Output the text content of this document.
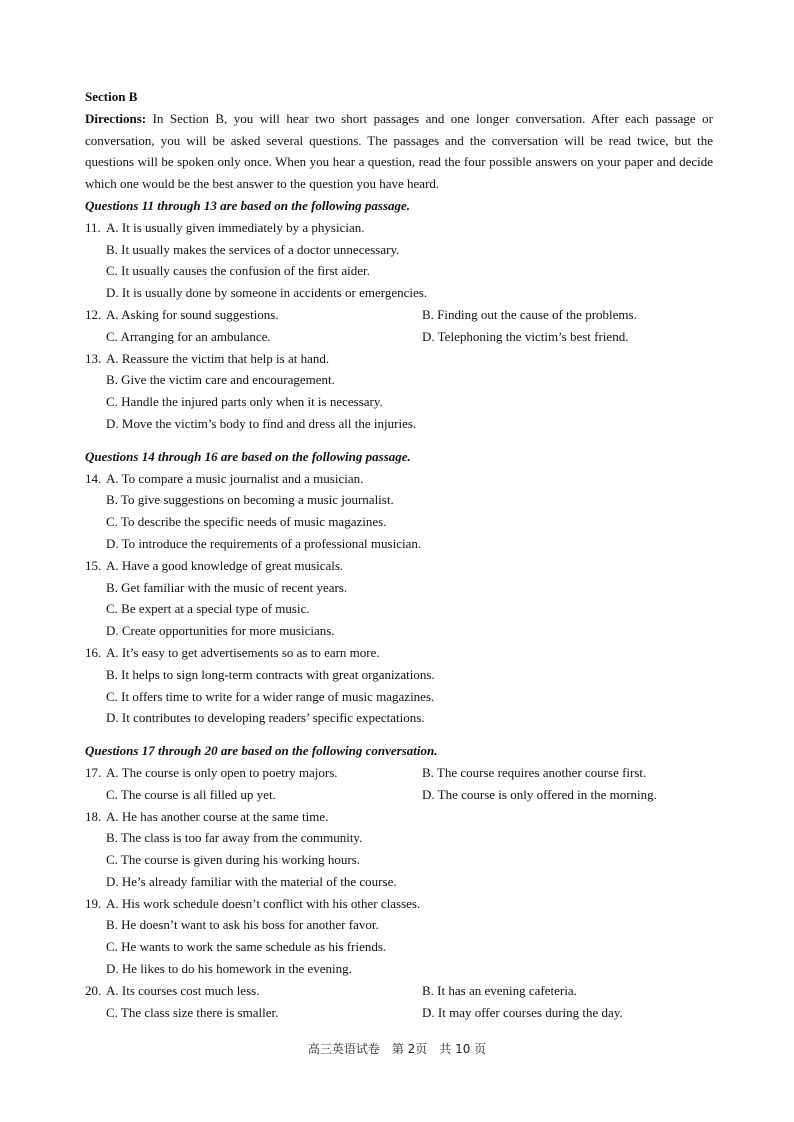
Section B
Directions: In Section B, you will hear two short passages and one longer conversation. After each passage or conversation, you will be asked several questions. The passages and the conversation will be read twice, but the questions will be spoken only once. When you hear a question, read the four possible answers on your paper and decide which one would be the best answer to the question you have heard.
Questions 11 through 13 are based on the following passage.
11. A. It is usually given immediately by a physician.
B. It usually makes the services of a doctor unnecessary.
C. It usually causes the confusion of the first aider.
D. It is usually done by someone in accidents or emergencies.
12. A. Asking for sound suggestions.	B. Finding out the cause of the problems.
C. Arranging for an ambulance.	D. Telephoning the victim’s best friend.
13. A. Reassure the victim that help is at hand.
B. Give the victim care and encouragement.
C. Handle the injured parts only when it is necessary.
D. Move the victim’s body to find and dress all the injuries.
Questions 14 through 16 are based on the following passage.
14. A. To compare a music journalist and a musician.
B. To give suggestions on becoming a music journalist.
C. To describe the specific needs of music magazines.
D. To introduce the requirements of a professional musician.
15. A. Have a good knowledge of great musicals.
B. Get familiar with the music of recent years.
C. Be expert at a special type of music.
D. Create opportunities for more musicians.
16. A. It’s easy to get advertisements so as to earn more.
B. It helps to sign long-term contracts with great organizations.
C. It offers time to write for a wider range of music magazines.
D. It contributes to developing readers’ specific expectations.
Questions 17 through 20 are based on the following conversation.
17. A. The course is only open to poetry majors.	B. The course requires another course first.
C. The course is all filled up yet.	D. The course is only offered in the morning.
18. A. He has another course at the same time.
B. The class is too far away from the community.
C. The course is given during his working hours.
D. He’s already familiar with the material of the course.
19. A. His work schedule doesn’t conflict with his other classes.
B. He doesn’t want to ask his boss for another favor.
C. He wants to work the same schedule as his friends.
D. He likes to do his homework in the evening.
20. A. Its courses cost much less.	B. It has an evening cafeteria.
C. The class size there is smaller.	D. It may offer courses during the day.
高三英语试卷　第 2页　共 10 页
